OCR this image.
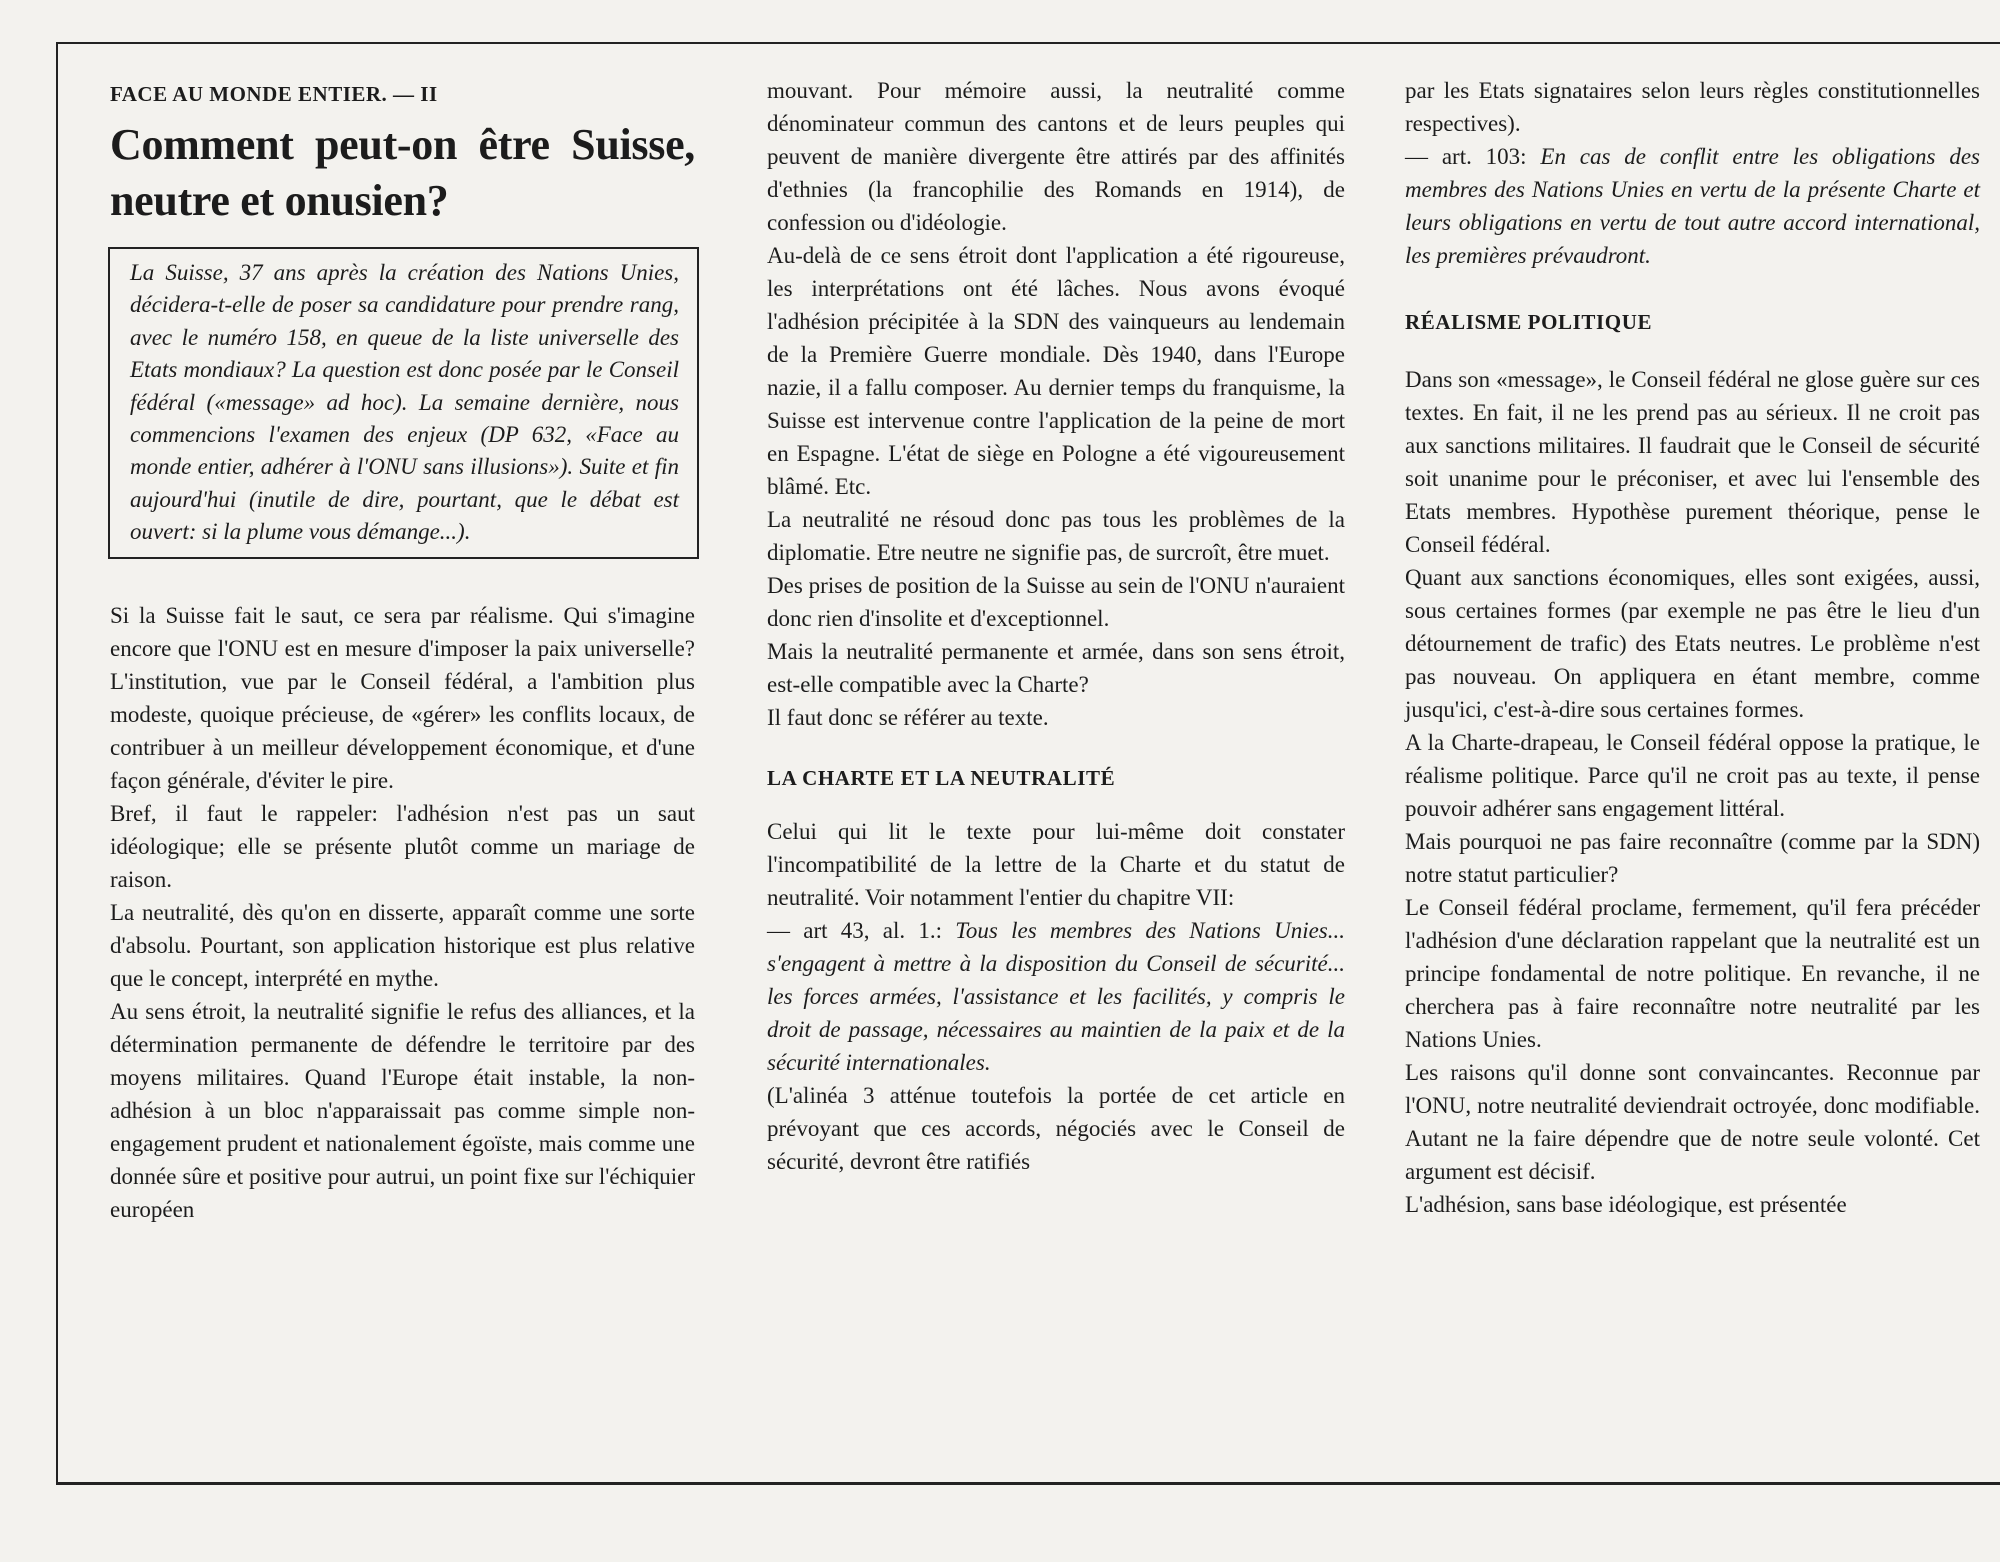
FACE AU MONDE ENTIER. — II
Comment peut-on être Suisse, neutre et onusien?
La Suisse, 37 ans après la création des Nations Unies, décidera-t-elle de poser sa candidature pour prendre rang, avec le numéro 158, en queue de la liste universelle des Etats mondiaux? La question est donc posée par le Conseil fédéral («message» ad hoc). La semaine dernière, nous commencions l'examen des enjeux (DP 632, «Face au monde entier, adhérer à l'ONU sans illusions»). Suite et fin aujourd'hui (inutile de dire, pourtant, que le débat est ouvert: si la plume vous démange...).

Si la Suisse fait le saut, ce sera par réalisme. Qui s'imagine encore que l'ONU est en mesure d'imposer la paix universelle? L'institution, vue par le Conseil fédéral, a l'ambition plus modeste, quoique précieuse, de «gérer» les conflits locaux, de contribuer à un meilleur développement économique, et d'une façon générale, d'éviter le pire.

Bref, il faut le rappeler: l'adhésion n'est pas un saut idéologique; elle se présente plutôt comme un mariage de raison.

La neutralité, dès qu'on en disserte, apparaît comme une sorte d'absolu. Pourtant, son application historique est plus relative que le concept, interprété en mythe.

Au sens étroit, la neutralité signifie le refus des alliances, et la détermination permanente de défendre le territoire par des moyens militaires. Quand l'Europe était instable, la non-adhésion à un bloc n'apparaissait pas comme simple non-engagement prudent et nationalement égoïste, mais comme une donnée sûre et positive pour autrui, un point fixe sur l'échiquier européen

mouvant. Pour mémoire aussi, la neutralité comme dénominateur commun des cantons et de leurs peuples qui peuvent de manière divergente être attirés par des affinités d'ethnies (la francophilie des Romands en 1914), de confession ou d'idéologie.

Au-delà de ce sens étroit dont l'application a été rigoureuse, les interprétations ont été lâches. Nous avons évoqué l'adhésion précipitée à la SDN des vainqueurs au lendemain de la Première Guerre mondiale. Dès 1940, dans l'Europe nazie, il a fallu composer. Au dernier temps du franquisme, la Suisse est intervenue contre l'application de la peine de mort en Espagne. L'état de siège en Pologne a été vigoureusement blâmé. Etc.

La neutralité ne résoud donc pas tous les problèmes de la diplomatie. Etre neutre ne signifie pas, de surcroît, être muet.

Des prises de position de la Suisse au sein de l'ONU n'auraient donc rien d'insolite et d'exceptionnel.

Mais la neutralité permanente et armée, dans son sens étroit, est-elle compatible avec la Charte?

Il faut donc se référer au texte.

LA CHARTE ET LA NEUTRALITÉ

Celui qui lit le texte pour lui-même doit constater l'incompatibilité de la lettre de la Charte et du statut de neutralité. Voir notamment l'entier du chapitre VII:

— art 43, al. 1.: Tous les membres des Nations Unies... s'engagent à mettre à la disposition du Conseil de sécurité... les forces armées, l'assistance et les facilités, y compris le droit de passage, nécessaires au maintien de la paix et de la sécurité internationales.

(L'alinéa 3 atténue toutefois la portée de cet article en prévoyant que ces accords, négociés avec le Conseil de sécurité, devront être ratifiés

par les Etats signataires selon leurs règles constitutionnelles respectives).

— art. 103: En cas de conflit entre les obligations des membres des Nations Unies en vertu de la présente Charte et leurs obligations en vertu de tout autre accord international, les premières prévaudront.

RÉALISME POLITIQUE

Dans son «message», le Conseil fédéral ne glose guère sur ces textes. En fait, il ne les prend pas au sérieux. Il ne croit pas aux sanctions militaires. Il faudrait que le Conseil de sécurité soit unanime pour le préconiser, et avec lui l'ensemble des Etats membres. Hypothèse purement théorique, pense le Conseil fédéral.

Quant aux sanctions économiques, elles sont exigées, aussi, sous certaines formes (par exemple ne pas être le lieu d'un détournement de trafic) des Etats neutres. Le problème n'est pas nouveau. On appliquera en étant membre, comme jusqu'ici, c'est-à-dire sous certaines formes.

A la Charte-drapeau, le Conseil fédéral oppose la pratique, le réalisme politique. Parce qu'il ne croit pas au texte, il pense pouvoir adhérer sans engagement littéral.

Mais pourquoi ne pas faire reconnaître (comme par la SDN) notre statut particulier?

Le Conseil fédéral proclame, fermement, qu'il fera précéder l'adhésion d'une déclaration rappelant que la neutralité est un principe fondamental de notre politique. En revanche, il ne cherchera pas à faire reconnaître notre neutralité par les Nations Unies.

Les raisons qu'il donne sont convaincantes. Reconnue par l'ONU, notre neutralité deviendrait octroyée, donc modifiable. Autant ne la faire dépendre que de notre seule volonté. Cet argument est décisif.

L'adhésion, sans base idéologique, est présentée
